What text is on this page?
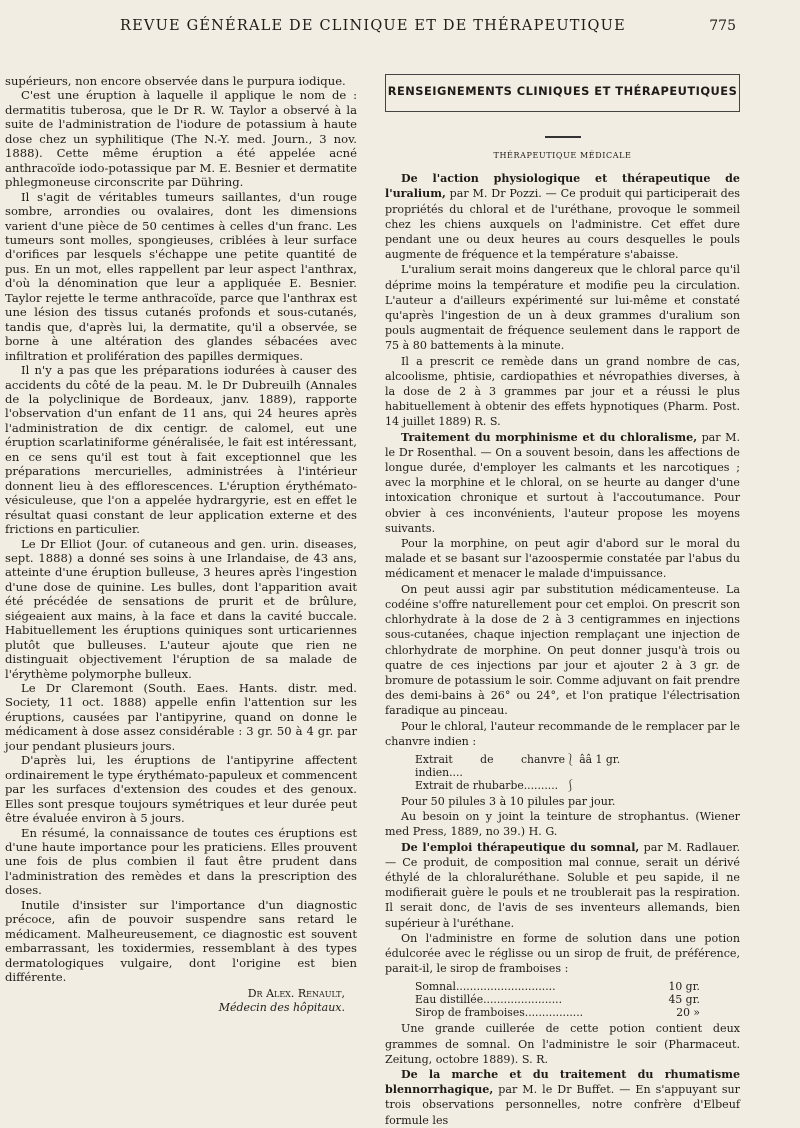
REVUE GÉNÉRALE DE CLINIQUE ET DE THÉRAPEUTIQUE	775

supérieurs, non encore observée dans le purpura iodique.

C'est une éruption à laquelle il applique le nom de : dermatitis tuberosa, que le Dr R. W. Taylor a observé à la suite de l'administration de l'iodure de potassium à haute dose chez un syphilitique (The N.-Y. med. Journ., 3 nov. 1888). Cette même éruption a été appelée acné anthracoïde iodo-potassique par M. E. Besnier et dermatite phlegmoneuse circonscrite par Dühring.

Il s'agit de véritables tumeurs saillantes, d'un rouge sombre, arrondies ou ovalaires, dont les dimensions varient d'une pièce de 50 centimes à celles d'un franc. Les tumeurs sont molles, spongieuses, criblées à leur surface d'orifices par lesquels s'échappe une petite quantité de pus. En un mot, elles rappellent par leur aspect l'anthrax, d'où la dénomination que leur a appliquée E. Besnier. Taylor rejette le terme anthracoïde, parce que l'anthrax est une lésion des tissus cutanés profonds et sous-cutanés, tandis que, d'après lui, la dermatite, qu'il a observée, se borne à une altération des glandes sébacées avec infiltration et prolifération des papilles dermiques.

Il n'y a pas que les préparations iodurées à causer des accidents du côté de la peau. M. le Dr Dubreuilh (Annales de la polyclinique de Bordeaux, janv. 1889), rapporte l'observation d'un enfant de 11 ans, qui 24 heures après l'administration de dix centigr. de calomel, eut une éruption scarlatiniforme généralisée, le fait est intéressant, en ce sens qu'il est tout à fait exceptionnel que les préparations mercurielles, administrées à l'intérieur donnent lieu à des efflorescences. L'éruption érythémato-vésiculeuse, que l'on a appelée hydrargyrie, est en effet le résultat quasi constant de leur application externe et des frictions en particulier.

Le Dr Elliot (Jour. of cutaneous and gen. urin. diseases, sept. 1888) a donné ses soins à une Irlandaise, de 43 ans, atteinte d'une éruption bulleuse, 3 heures après l'ingestion d'une dose de quinine. Les bulles, dont l'apparition avait été précédée de sensations de prurit et de brûlure, siégeaient aux mains, à la face et dans la cavité buccale. Habituellement les éruptions quiniques sont urticariennes plutôt que bulleuses. L'auteur ajoute que rien ne distinguait objectivement l'éruption de sa malade de l'érythème polymorphe bulleux.

Le Dr Claremont (South. Eaes. Hants. distr. med. Society, 11 oct. 1888) appelle enfin l'attention sur les éruptions, causées par l'antipyrine, quand on donne le médicament à dose assez considérable : 3 gr. 50 à 4 gr. par jour pendant plusieurs jours.

D'après lui, les éruptions de l'antipyrine affectent ordinairement le type érythémato-papuleux et commencent par les surfaces d'extension des coudes et des genoux. Elles sont presque toujours symétriques et leur durée peut être évaluée environ à 5 jours.

En résumé, la connaissance de toutes ces éruptions est d'une haute importance pour les praticiens. Elles prouvent une fois de plus combien il faut être prudent dans l'administration des remèdes et dans la prescription des doses.

Inutile d'insister sur l'importance d'un diagnostic précoce, afin de pouvoir suspendre sans retard le médicament. Malheureusement, ce diagnostic est souvent embarrassant, les toxidermies, ressemblant à des types dermatologiques vulgaire, dont l'origine est bien différente.

Dr Alex. Renault,
Médecin des hôpitaux.
RENSEIGNEMENTS CLINIQUES ET THÉRAPEUTIQUES
THÉRAPEUTIQUE MÉDICALE

De l'action physiologique et thérapeutique de l'uralium, par M. Dr Pozzi. — Ce produit qui participerait des propriétés du chloral et de l'uréthane, provoque le sommeil chez les chiens auxquels on l'administre. Cet effet dure pendant une ou deux heures au cours desquelles le pouls augmente de fréquence et la température s'abaisse.

L'uralium serait moins dangereux que le chloral parce qu'il déprime moins la température et modifie peu la circulation. L'auteur a d'ailleurs expérimenté sur lui-même et constaté qu'après l'ingestion de un à deux grammes d'uralium son pouls augmentait de fréquence seulement dans le rapport de 75 à 80 battements à la minute.

Il a prescrit ce remède dans un grand nombre de cas, alcoolisme, phtisie, cardiopathies et névropathies diverses, à la dose de 2 à 3 grammes par jour et a réussi le plus habituellement à obtenir des effets hypnotiques (Pharm. Post. 14 juillet 1889) R. S.

Traitement du morphinisme et du chloralisme, par M. le Dr Rosenthal. — On a souvent besoin, dans les affections de longue durée, d'employer les calmants et les narcotiques ; avec la morphine et le chloral, on se heurte au danger d'une intoxication chronique et surtout à l'accoutumance. Pour obvier à ces inconvénients, l'auteur propose les moyens suivants.

Pour la morphine, on peut agir d'abord sur le moral du malade et se basant sur l'azoospermie constatée par l'abus du médicament et menacer le malade d'impuissance.

On peut aussi agir par substitution médicamenteuse. La codéine s'offre naturellement pour cet emploi. On prescrit son chlorhydrate à la dose de 2 à 3 centigrammes en injections sous-cutanées, chaque injection remplaçant une injection de chlorhydrate de morphine. On peut donner jusqu'à trois ou quatre de ces injections par jour et ajouter 2 à 3 gr. de bromure de potassium le soir. Comme adjuvant on fait prendre des demi-bains à 26° ou 24°, et l'on pratique l'électrisation faradique au pinceau.

Pour le chloral, l'auteur recommande de le remplacer par le chanvre indien :

Extrait de chanvre indien....
⎱ ââ 1 gr.
Extrait de rhubarbe.......... ⎰

Pour 50 pilules 3 à 10 pilules par jour.

Au besoin on y joint la teinture de strophantus. (Wiener med Press, 1889, no 39.) H. G.

De l'emploi thérapeutique du somnal, par M. Radlauer. — Ce produit, de composition mal connue, serait un dérivé éthylé de la chloraluréthane. Soluble et peu sapide, il ne modifierait guère le pouls et ne troublerait pas la respiration. Il serait donc, de l'avis de ses inventeurs allemands, bien supérieur à l'uréthane.

On l'administre en forme de solution dans une potion édulcorée avec le réglisse ou un sirop de fruit, de préférence, parait-il, le sirop de framboises :

Somnal.............................	10 gr.
Eau distillée.......................	45 gr.
Sirop de framboises.................	20 »

Une grande cuillerée de cette potion contient deux grammes de somnal. On l'administre le soir (Pharmaceut. Zeitung, octobre 1889). S. R.

De la marche et du traitement du rhumatisme blennorrhagique, par M. le Dr Buffet. — En s'appuyant sur trois observations personnelles, notre confrère d'Elbeuf formule les
